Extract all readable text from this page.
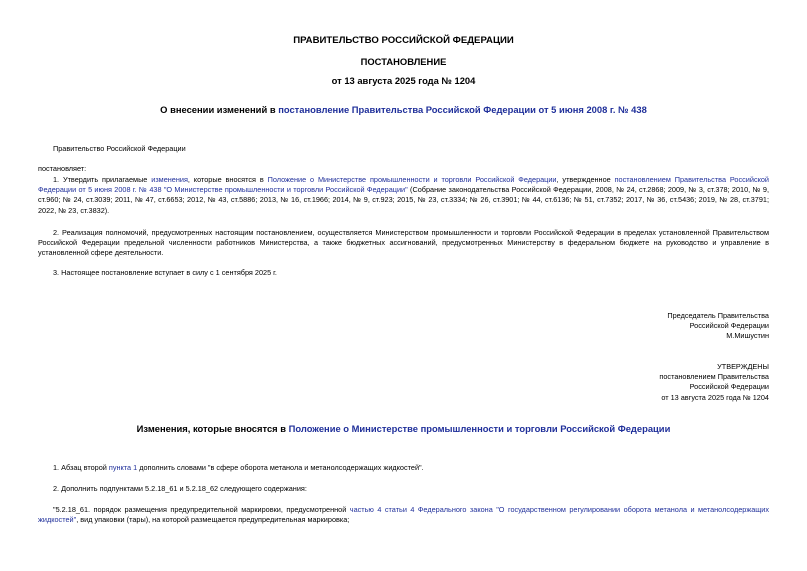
ПРАВИТЕЛЬСТВО РОССИЙСКОЙ ФЕДЕРАЦИИ
ПОСТАНОВЛЕНИЕ
от 13 августа 2025 года № 1204
О внесении изменений в постановление Правительства Российской Федерации от 5 июня 2008 г. № 438
Правительство Российской Федерации
постановляет:
1. Утвердить прилагаемые изменения, которые вносятся в Положение о Министерстве промышленности и торговли Российской Федерации, утвержденное постановлением Правительства Российской Федерации от 5 июня 2008 г. № 438 "О Министерстве промышленности и торговли Российской Федерации" (Собрание законодательства Российской Федерации, 2008, № 24, ст.2868; 2009, № 3, ст.378; 2010, № 9, ст.960; № 24, ст.3039; 2011, № 47, ст.6653; 2012, № 43, ст.5886; 2013, № 16, ст.1966; 2014, № 9, ст.923; 2015, № 23, ст.3334; № 26, ст.3901; № 44, ст.6136; № 51, ст.7352; 2017, № 36, ст.5436; 2019, № 28, ст.3791; 2022, № 23, ст.3832).
2. Реализация полномочий, предусмотренных настоящим постановлением, осуществляется Министерством промышленности и торговли Российской Федерации в пределах установленной Правительством Российской Федерации предельной численности работников Министерства, а также бюджетных ассигнований, предусмотренных Министерству в федеральном бюджете на руководство и управление в установленной сфере деятельности.
3. Настоящее постановление вступает в силу с 1 сентября 2025 г.
Председатель Правительства
Российской Федерации
М.Мишустин
УТВЕРЖДЕНЫ
постановлением Правительства
Российской Федерации
от 13 августа 2025 года № 1204
Изменения, которые вносятся в Положение о Министерстве промышленности и торговли Российской Федерации
1. Абзац второй пункта 1 дополнить словами "в сфере оборота метанола и метанолсодержащих жидкостей".
2. Дополнить подпунктами 5.2.18_61 и 5.2.18_62 следующего содержания:
"5.2.18_61. порядок размещения предупредительной маркировки, предусмотренной частью 4 статьи 4 Федерального закона "О государственном регулировании оборота метанола и метанолсодержащих жидкостей", вид упаковки (тары), на которой размещается предупредительная маркировка;
